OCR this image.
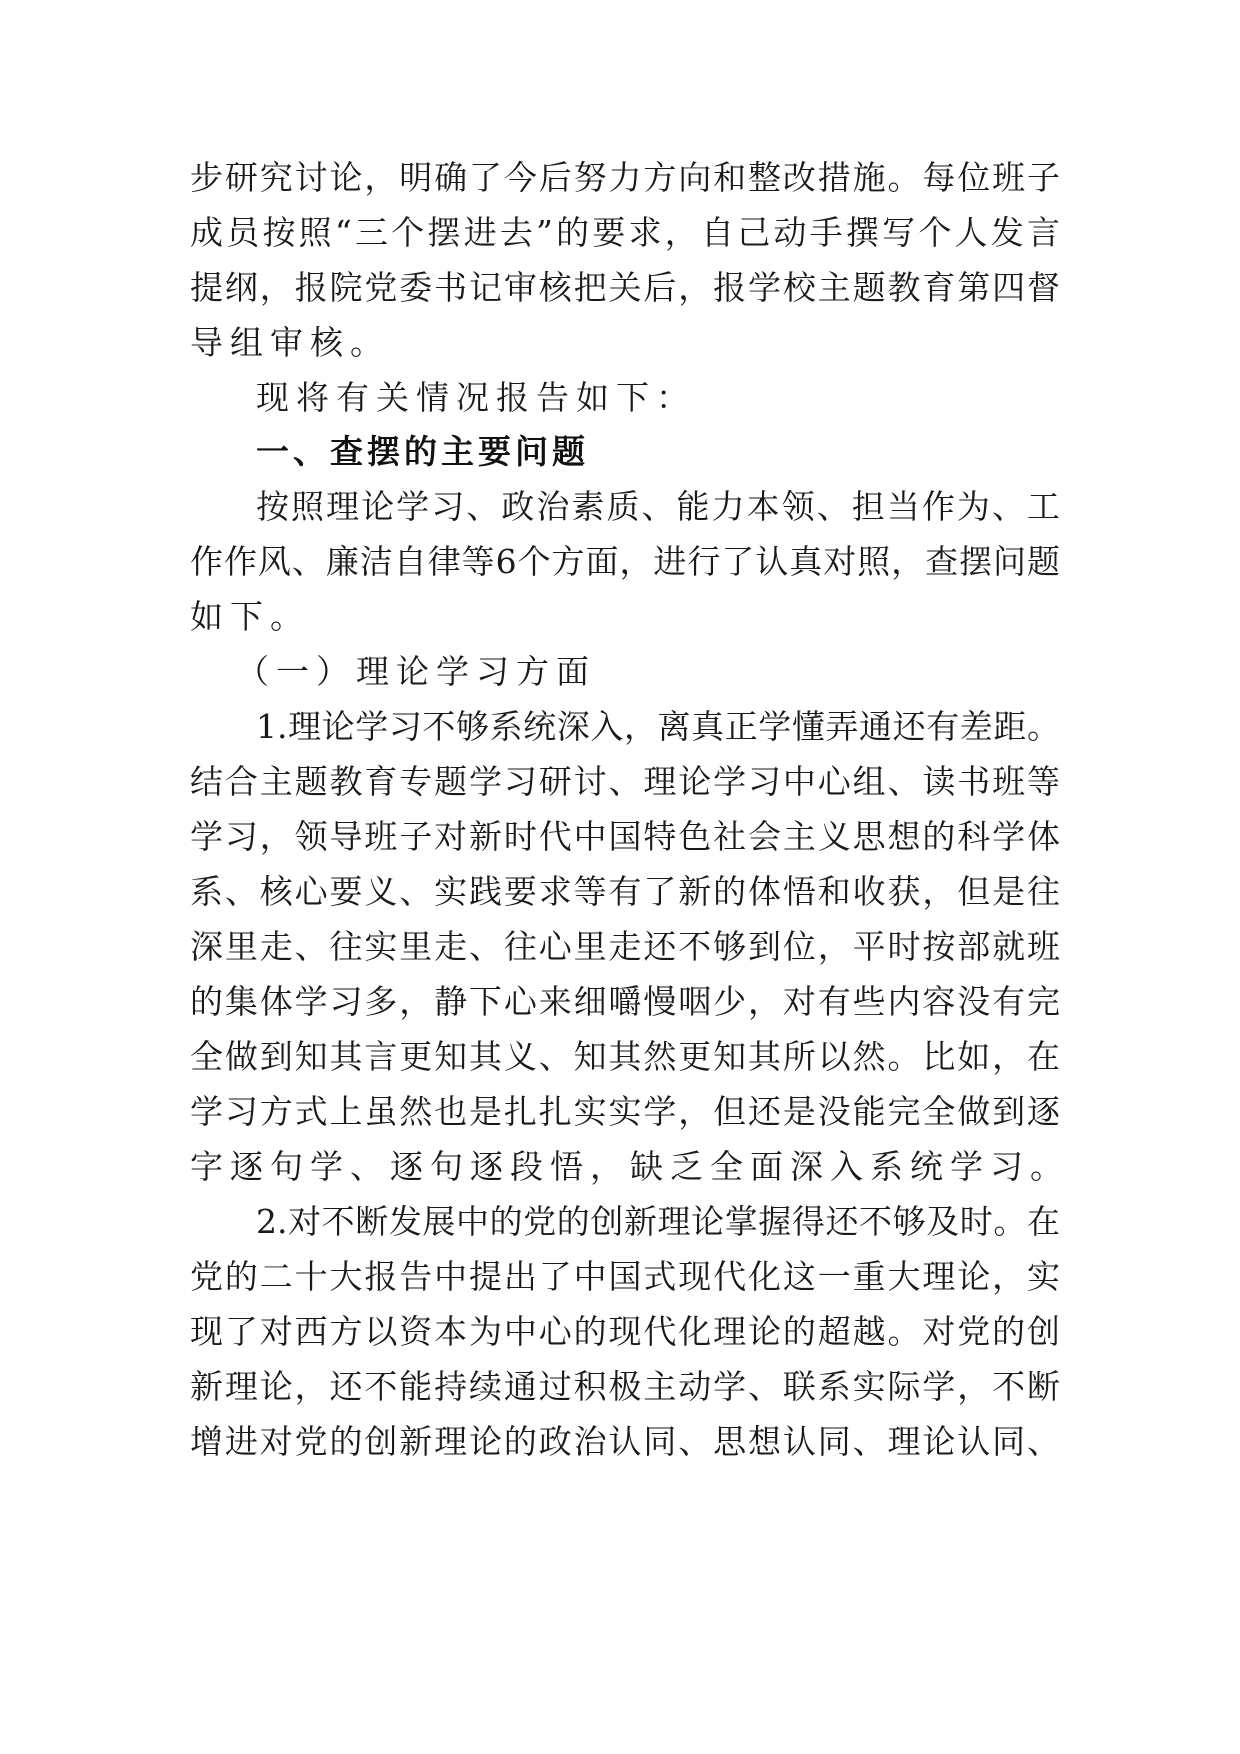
步研究讨论，明确了今后努力方向和整改措施。每位班子

成员按照“三个摆进去”的要求，自己动手撰写个人发言

提纲，报院党委书记审核把关后，报学校主题教育第四督

导组审核。

现将有关情况报告如下：

一、查摆的主要问题

按照理论学习、政治素质、能力本领、担当作为、工

作作风、廉洁自律等6个方面，进行了认真对照，查摆问题

如下。

（一）理论学习方面

1.理论学习不够系统深入，离真正学懂弄通还有差距。

结合主题教育专题学习研讨、理论学习中心组、读书班等

学习，领导班子对新时代中国特色社会主义思想的科学体

系、核心要义、实践要求等有了新的体悟和收获，但是往

深里走、往实里走、往心里走还不够到位，平时按部就班

的集体学习多，静下心来细嚼慢咽少，对有些内容没有完

全做到知其言更知其义、知其然更知其所以然。比如，在

学习方式上虽然也是扎扎实实学，但还是没能完全做到逐

字逐句学、逐句逐段悟，缺乏全面深入系统学习。

2.对不断发展中的党的创新理论掌握得还不够及时。在

党的二十大报告中提出了中国式现代化这一重大理论，实

现了对西方以资本为中心的现代化理论的超越。对党的创

新理论，还不能持续通过积极主动学、联系实际学，不断

增进对党的创新理论的政治认同、思想认同、理论认同、
